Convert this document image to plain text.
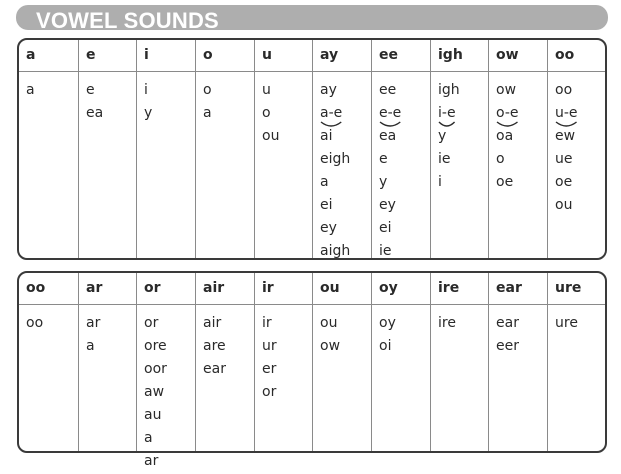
VOWEL SOUNDS
a
a
e
e
ea
i
i
y
o
o
a
u
u
o
ou
ay
ay
a-e
ai
eigh
a
ei
ey
aigh
ee
ee
e-e
ea
e
y
ey
ei
ie
igh
igh
i-e
y
ie
i
ow
ow
o-e
oa
o
oe
oo
oo
u-e
ew
ue
oe
ou
oo
oo
ar
ar
a
or
or
ore
oor
aw
au
a
ar
air
air
are
ear
ir
ir
ur
er
or
ou
ou
ow
oy
oy
oi
ire
ire
ear
ear
eer
ure
ure
